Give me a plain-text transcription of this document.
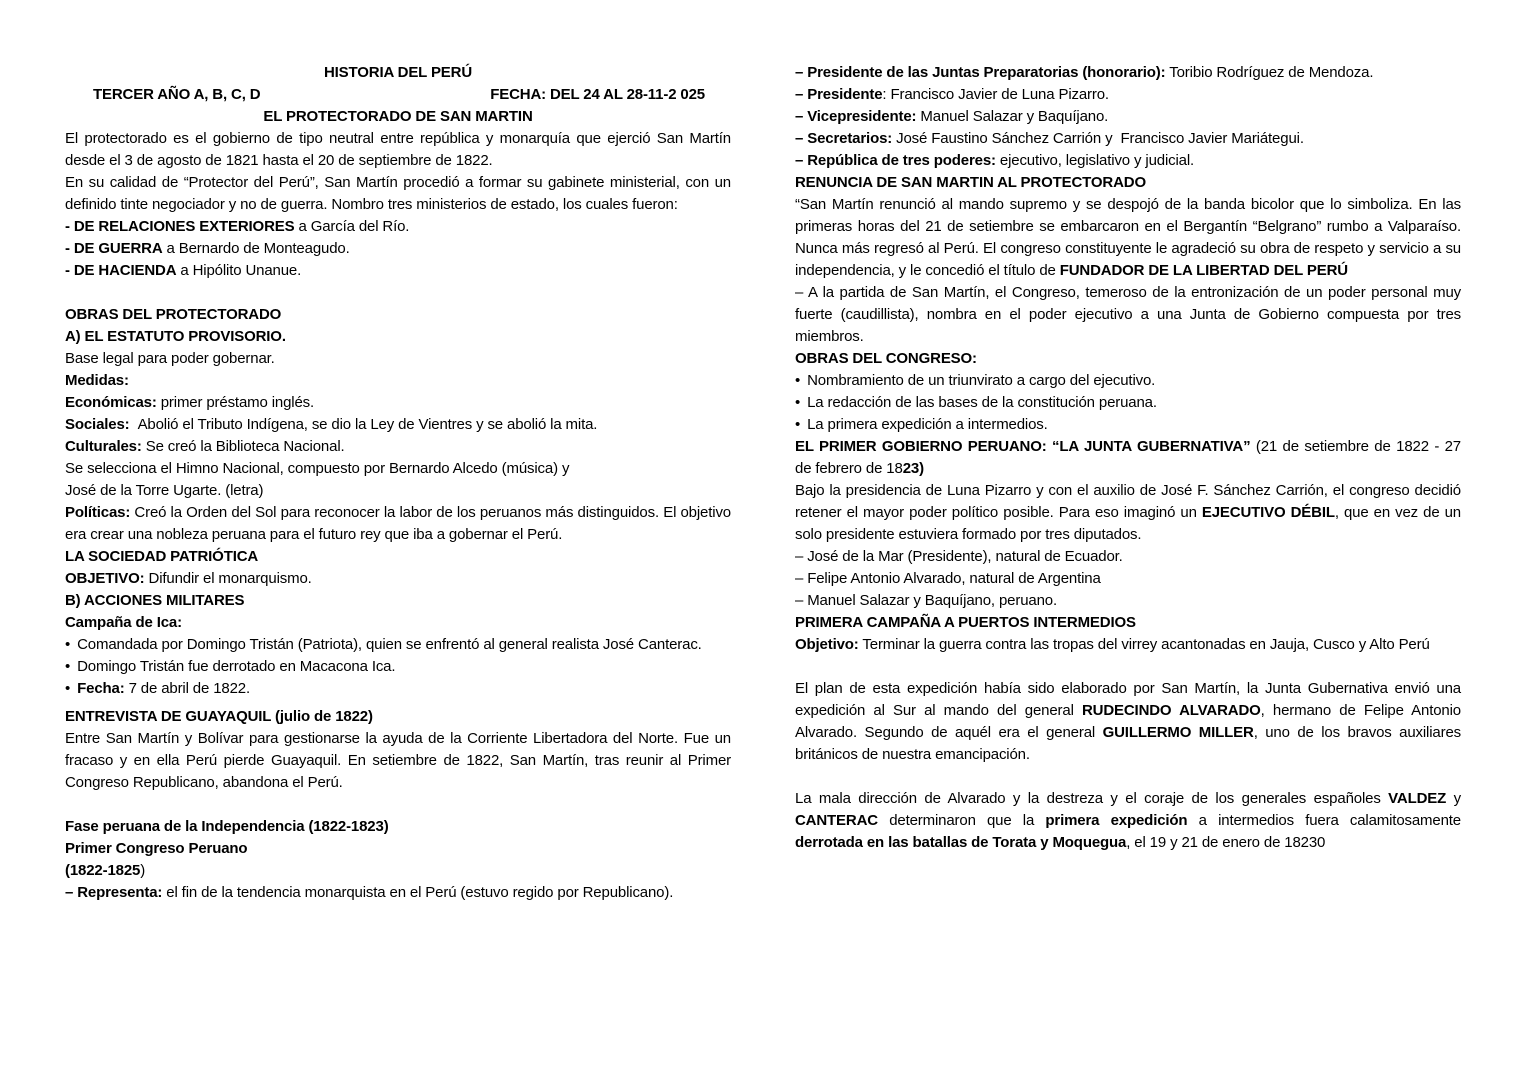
HISTORIA DEL PERÚ
TERCER AÑO A, B, C, D	FECHA: DEL 24 AL 28-11-2 025
EL PROTECTORADO DE SAN MARTIN
El protectorado es el gobierno de tipo neutral entre república y monarquía que ejerció San Martín desde el 3 de agosto de 1821 hasta el 20 de septiembre de 1822.
En su calidad de “Protector del Perú”, San Martín procedió a formar su gabinete ministerial, con un definido tinte negociador y no de guerra. Nombro tres ministerios de estado, los cuales fueron:
- DE RELACIONES EXTERIORES a García del Río.
- DE GUERRA a Bernardo de Monteagudo.
- DE HACIENDA a Hipólito Unanue.
OBRAS DEL PROTECTORADO
A) EL ESTATUTO PROVISORIO.
Base legal para poder gobernar.
Medidas:
Económicas: primer préstamo inglés.
Sociales:  Abolió el Tributo Indígena, se dio la Ley de Vientres y se abolió la mita.
Culturales: Se creó la Biblioteca Nacional.
Se selecciona el Himno Nacional, compuesto por Bernardo Alcedo (música) y
José de la Torre Ugarte. (letra)
Políticas: Creó la Orden del Sol para reconocer la labor de los peruanos más distinguidos. El objetivo era crear una nobleza peruana para el futuro rey que iba a gobernar el Perú.
LA SOCIEDAD PATRIÓTICA
OBJETIVO: Difundir el monarquismo.
B) ACCIONES MILITARES
Campaña de Ica:
• Comandada por Domingo Tristán (Patriota), quien se enfrentó al general realista José Canterac.
• Domingo Tristán fue derrotado en Macacona Ica.
• Fecha: 7 de abril de 1822.
ENTREVISTA DE GUAYAQUIL (julio de 1822)
Entre San Martín y Bolívar para gestionarse la ayuda de la Corriente Libertadora del Norte. Fue un fracaso y en ella Perú pierde Guayaquil. En setiembre de 1822, San Martín, tras reunir al Primer Congreso Republicano, abandona el Perú.
Fase peruana de la Independencia (1822-1823)
Primer Congreso Peruano
(1822-1825)
– Representa: el fin de la tendencia monarquista en el Perú (estuvo regido por Republicano).
– Presidente de las Juntas Preparatorias (honorario): Toribio Rodríguez de Mendoza.
– Presidente: Francisco Javier de Luna Pizarro.
– Vicepresidente: Manuel Salazar y Baquíjano.
– Secretarios: José Faustino Sánchez Carrión y  Francisco Javier Mariátegui.
– República de tres poderes: ejecutivo, legislativo y judicial.
RENUNCIA DE SAN MARTIN AL PROTECTORADO
“San Martín renunció al mando supremo y se despojó de la banda bicolor que lo simboliza. En las primeras horas del 21 de setiembre se embarcaron en el Bergantín “Belgrano” rumbo a Valparaíso. Nunca más regresó al Perú. El congreso constituyente le agradeció su obra de respeto y servicio a su independencia, y le concedió el título de FUNDADOR DE LA LIBERTAD DEL PERÚ
– A la partida de San Martín, el Congreso, temeroso de la entronización de un poder personal muy fuerte (caudillista), nombra en el poder ejecutivo a una Junta de Gobierno compuesta por tres miembros.
OBRAS DEL CONGRESO:
• Nombramiento de un triunvirato a cargo del ejecutivo.
• La redacción de las bases de la constitución peruana.
• La primera expedición a intermedios.
EL PRIMER GOBIERNO PERUANO: “LA JUNTA GUBERNATIVA” (21 de setiembre de 1822 - 27 de febrero de 1823)
Bajo la presidencia de Luna Pizarro y con el auxilio de José F. Sánchez Carrión, el congreso decidió retener el mayor poder político posible. Para eso imaginó un EJECUTIVO DÉBIL, que en vez de un solo presidente estuviera formado por tres diputados.
– José de la Mar (Presidente), natural de Ecuador.
– Felipe Antonio Alvarado, natural de Argentina
– Manuel Salazar y Baquíjano, peruano.
PRIMERA CAMPAÑA A PUERTOS INTERMEDIOS
Objetivo: Terminar la guerra contra las tropas del virrey acantonadas en Jauja, Cusco y Alto Perú
El plan de esta expedición había sido elaborado por San Martín, la Junta Gubernativa envió una expedición al Sur al mando del general RUDECINDO ALVARADO, hermano de Felipe Antonio Alvarado. Segundo de aquél era el general GUILLERMO MILLER, uno de los bravos auxiliares británicos de nuestra emancipación.
La mala dirección de Alvarado y la destreza y el coraje de los generales españoles VALDEZ y CANTERAC determinaron que la primera expedición a intermedios fuera calamitosamente derrotada en las batallas de Torata y Moquegua, el 19 y 21 de enero de 18230
